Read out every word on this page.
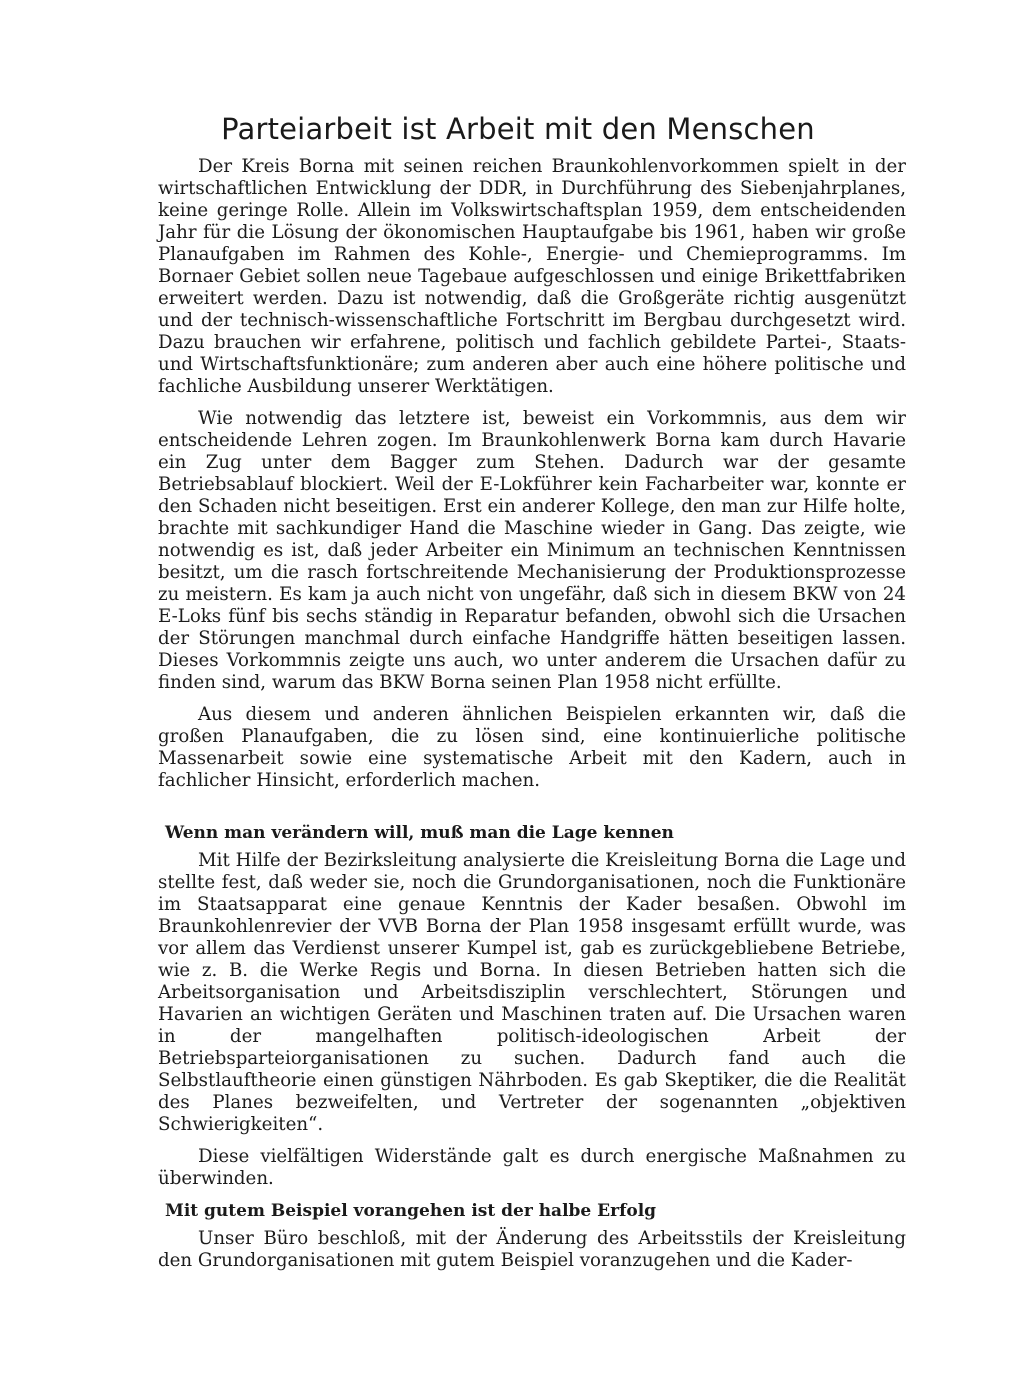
Parteiarbeit ist Arbeit mit den Menschen

Der Kreis Borna mit seinen reichen Braunkohlenvorkommen spielt in der wirtschaftlichen Entwicklung der DDR, in Durchführung des Siebenjahrplanes, keine geringe Rolle. Allein im Volkswirtschaftsplan 1959, dem entscheidenden Jahr für die Lösung der ökonomischen Hauptaufgabe bis 1961, haben wir große Planaufgaben im Rahmen des Kohle-, Energie- und Chemieprogramms. Im Bornaer Gebiet sollen neue Tagebaue aufgeschlossen und einige Brikettfabriken erweitert werden. Dazu ist notwendig, daß die Großgeräte richtig ausgenützt und der technisch-wissenschaftliche Fortschritt im Bergbau durchgesetzt wird. Dazu brauchen wir erfahrene, politisch und fachlich gebildete Partei-, Staats- und Wirtschaftsfunktionäre; zum anderen aber auch eine höhere politische und fachliche Ausbildung unserer Werktätigen.

Wie notwendig das letztere ist, beweist ein Vorkommnis, aus dem wir entscheidende Lehren zogen. Im Braunkohlenwerk Borna kam durch Havarie ein Zug unter dem Bagger zum Stehen. Dadurch war der gesamte Betriebsablauf blockiert. Weil der E-Lokführer kein Facharbeiter war, konnte er den Schaden nicht beseitigen. Erst ein anderer Kollege, den man zur Hilfe holte, brachte mit sachkundiger Hand die Maschine wieder in Gang. Das zeigte, wie notwendig es ist, daß jeder Arbeiter ein Minimum an technischen Kenntnissen besitzt, um die rasch fortschreitende Mechanisierung der Produktionsprozesse zu meistern. Es kam ja auch nicht von ungefähr, daß sich in diesem BKW von 24 E-Loks fünf bis sechs ständig in Reparatur befanden, obwohl sich die Ursachen der Störungen manchmal durch einfache Handgriffe hätten beseitigen lassen. Dieses Vorkommnis zeigte uns auch, wo unter anderem die Ursachen dafür zu finden sind, warum das BKW Borna seinen Plan 1958 nicht erfüllte.

Aus diesem und anderen ähnlichen Beispielen erkannten wir, daß die großen Planaufgaben, die zu lösen sind, eine kontinuierliche politische Massenarbeit sowie eine systematische Arbeit mit den Kadern, auch in fachlicher Hinsicht, erforderlich machen.

Wenn man verändern will, muß man die Lage kennen

Mit Hilfe der Bezirksleitung analysierte die Kreisleitung Borna die Lage und stellte fest, daß weder sie, noch die Grundorganisationen, noch die Funktionäre im Staatsapparat eine genaue Kenntnis der Kader besaßen. Obwohl im Braunkohlenrevier der VVB Borna der Plan 1958 insgesamt erfüllt wurde, was vor allem das Verdienst unserer Kumpel ist, gab es zurückgebliebene Betriebe, wie z. B. die Werke Regis und Borna. In diesen Betrieben hatten sich die Arbeitsorganisation und Arbeitsdisziplin verschlechtert, Störungen und Havarien an wichtigen Geräten und Maschinen traten auf. Die Ursachen waren in der mangelhaften politisch-ideologischen Arbeit der Betriebsparteiorganisationen zu suchen. Dadurch fand auch die Selbstlauftheorie einen günstigen Nährboden. Es gab Skeptiker, die die Realität des Planes bezweifelten, und Vertreter der sogenannten „objektiven Schwierigkeiten“.

Diese vielfältigen Widerstände galt es durch energische Maßnahmen zu überwinden.

Mit gutem Beispiel vorangehen ist der halbe Erfolg

Unser Büro beschloß, mit der Änderung des Arbeitsstils der Kreisleitung den Grundorganisationen mit gutem Beispiel voranzugehen und die Kader-
